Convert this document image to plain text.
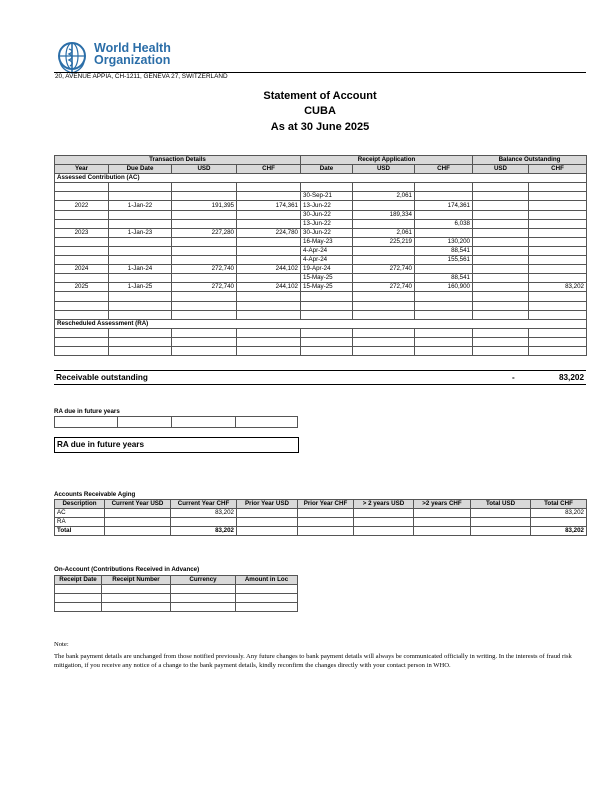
World Health
Organization
20, AVENUE APPIA, CH-1211, GENEVA 27, SWITZERLAND
Statement of Account
CUBA
As at 30 June 2025
Transaction Details				Receipt Application			Balance Outstanding	
Year	Due Date	USD	CHF	Date	USD	CHF	USD	CHF
Assessed Contribution (AC)								

				30-Sep-21	2,061			
2022	1-Jan-22	191,395	174,361	13-Jun-22		174,361		
				30-Jun-22	189,334			
				13-Jun-22		6,038		
2023	1-Jan-23	227,280	224,780	30-Jun-22	2,061			
				16-May-23	225,219	130,200		
				4-Apr-24		88,541		
				4-Apr-24		155,561		
2024	1-Jan-24	272,740	244,102	19-Apr-24	272,740			
				15-May-25		88,541		
2025	1-Jan-25	272,740	244,102	15-May-25	272,740	160,900		83,202

Rescheduled Assessment (RA)								

Receivable outstanding	-	83,202
RA due in future years

RA due in future years
Accounts Receivable Aging
Description	Current Year USD	Current Year CHF	Prior Year USD	Prior Year CHF	> 2 years USD	>2 years CHF	Total USD	Total CHF
AC		83,202						83,202
RA								
Total		83,202						83,202
On-Account (Contributions Received in Advance)
Receipt Date	Receipt Number	Currency	Amount in Loc

Note:
The bank payment details are unchanged from those notified previously. Any future changes to bank payment details will always be communicated officially in writing. In the interests of fraud risk mitigation, if you receive any notice of a change to the bank payment details, kindly reconfirm the changes directly with your contact person in WHO.
